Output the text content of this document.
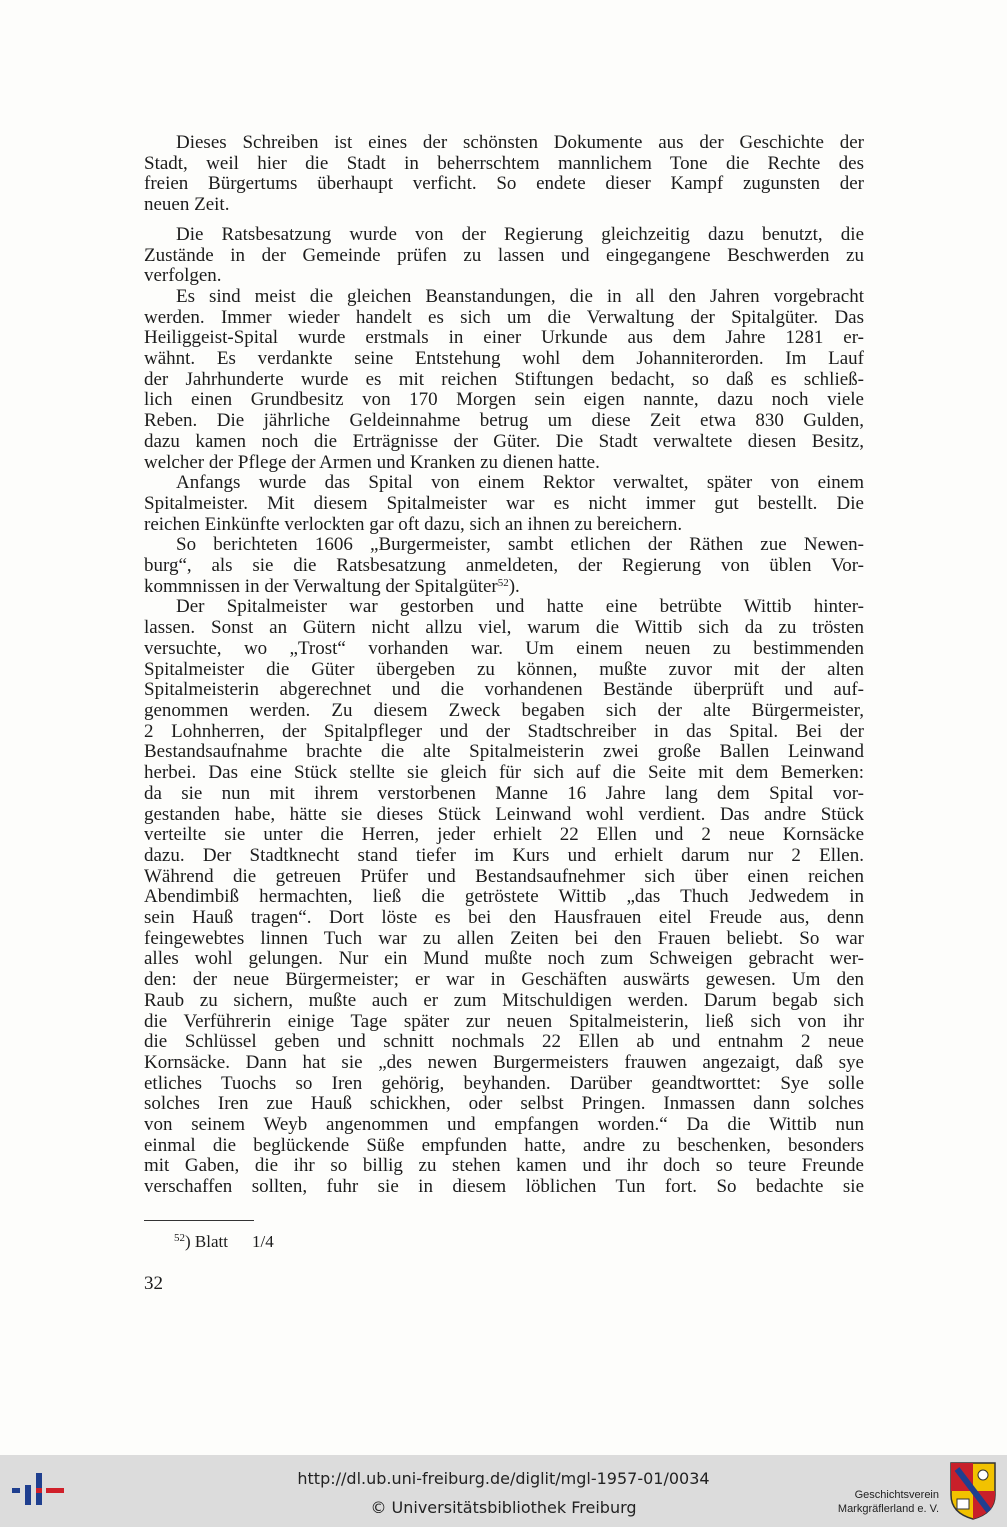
Dieses Schreiben ist eines der schönsten Dokumente aus der Geschichte der
Stadt, weil hier die Stadt in beherrschtem mannlichem Tone die Rechte des
freien Bürgertums überhaupt verficht. So endete dieser Kampf zugunsten der
neuen Zeit.
Die Ratsbesatzung wurde von der Regierung gleichzeitig dazu benutzt, die
Zustände in der Gemeinde prüfen zu lassen und eingegangene Beschwerden zu
verfolgen.
Es sind meist die gleichen Beanstandungen, die in all den Jahren vorgebracht
werden. Immer wieder handelt es sich um die Verwaltung der Spitalgüter. Das
Heiliggeist-Spital wurde erstmals in einer Urkunde aus dem Jahre 1281 er-
wähnt. Es verdankte seine Entstehung wohl dem Johanniterorden. Im Lauf
der Jahrhunderte wurde es mit reichen Stiftungen bedacht, so daß es schließ-
lich einen Grundbesitz von 170 Morgen sein eigen nannte, dazu noch viele
Reben. Die jährliche Geldeinnahme betrug um diese Zeit etwa 830 Gulden,
dazu kamen noch die Erträgnisse der Güter. Die Stadt verwaltete diesen Besitz,
welcher der Pflege der Armen und Kranken zu dienen hatte.
Anfangs wurde das Spital von einem Rektor verwaltet, später von einem
Spitalmeister. Mit diesem Spitalmeister war es nicht immer gut bestellt. Die
reichen Einkünfte verlockten gar oft dazu, sich an ihnen zu bereichern.
So berichteten 1606 „Burgermeister, sambt etlichen der Räthen zue Newen-
burg“, als sie die Ratsbesatzung anmeldeten, der Regierung von üblen Vor-
kommnissen in der Verwaltung der Spitalgüter$^{52}$).
Der Spitalmeister war gestorben und hatte eine betrübte Wittib hinter-
lassen. Sonst an Gütern nicht allzu viel, warum die Wittib sich da zu trösten
versuchte, wo „Trost“ vorhanden war. Um einem neuen zu bestimmenden
Spitalmeister die Güter übergeben zu können, mußte zuvor mit der alten
Spitalmeisterin abgerechnet und die vorhandenen Bestände überprüft und auf-
genommen werden. Zu diesem Zweck begaben sich der alte Bürgermeister,
2 Lohnherren, der Spitalpfleger und der Stadtschreiber in das Spital. Bei der
Bestandsaufnahme brachte die alte Spitalmeisterin zwei große Ballen Leinwand
herbei. Das eine Stück stellte sie gleich für sich auf die Seite mit dem Bemerken:
da sie nun mit ihrem verstorbenen Manne 16 Jahre lang dem Spital vor-
gestanden habe, hätte sie dieses Stück Leinwand wohl verdient. Das andre Stück
verteilte sie unter die Herren, jeder erhielt 22 Ellen und 2 neue Kornsäcke
dazu. Der Stadtknecht stand tiefer im Kurs und erhielt darum nur 2 Ellen.
Während die getreuen Prüfer und Bestandsaufnehmer sich über einen reichen
Abendimbiß hermachten, ließ die getröstete Wittib „das Thuch Jedwedem in
sein Hauß tragen“. Dort löste es bei den Hausfrauen eitel Freude aus, denn
feingewebtes linnen Tuch war zu allen Zeiten bei den Frauen beliebt. So war
alles wohl gelungen. Nur ein Mund mußte noch zum Schweigen gebracht wer-
den: der neue Bürgermeister; er war in Geschäften auswärts gewesen. Um den
Raub zu sichern, mußte auch er zum Mitschuldigen werden. Darum begab sich
die Verführerin einige Tage später zur neuen Spitalmeisterin, ließ sich von ihr
die Schlüssel geben und schnitt nochmals 22 Ellen ab und entnahm 2 neue
Kornsäcke. Dann hat sie „des newen Burgermeisters frauwen angezaigt, daß sye
etliches Tuochs so Iren gehörig, beyhanden. Darüber geandtworttet: Sye solle
solches Iren zue Hauß schickhen, oder selbst Pringen. Inmassen dann solches
von seinem Weyb angenommen und empfangen worden.“ Da die Wittib nun
einmal die beglückende Süße empfunden hatte, andre zu beschenken, besonders
mit Gaben, die ihr so billig zu stehen kamen und ihr doch so teure Freunde
verschaffen sollten, fuhr sie in diesem löblichen Tun fort. So bedachte sie
$^{52}$) Blatt 1/4
32
http://dl.ub.uni-freiburg.de/diglit/mgl-1957-01/0034
© Universitätsbibliothek Freiburg
Geschichtsverein
Markgräflerland e. V.
